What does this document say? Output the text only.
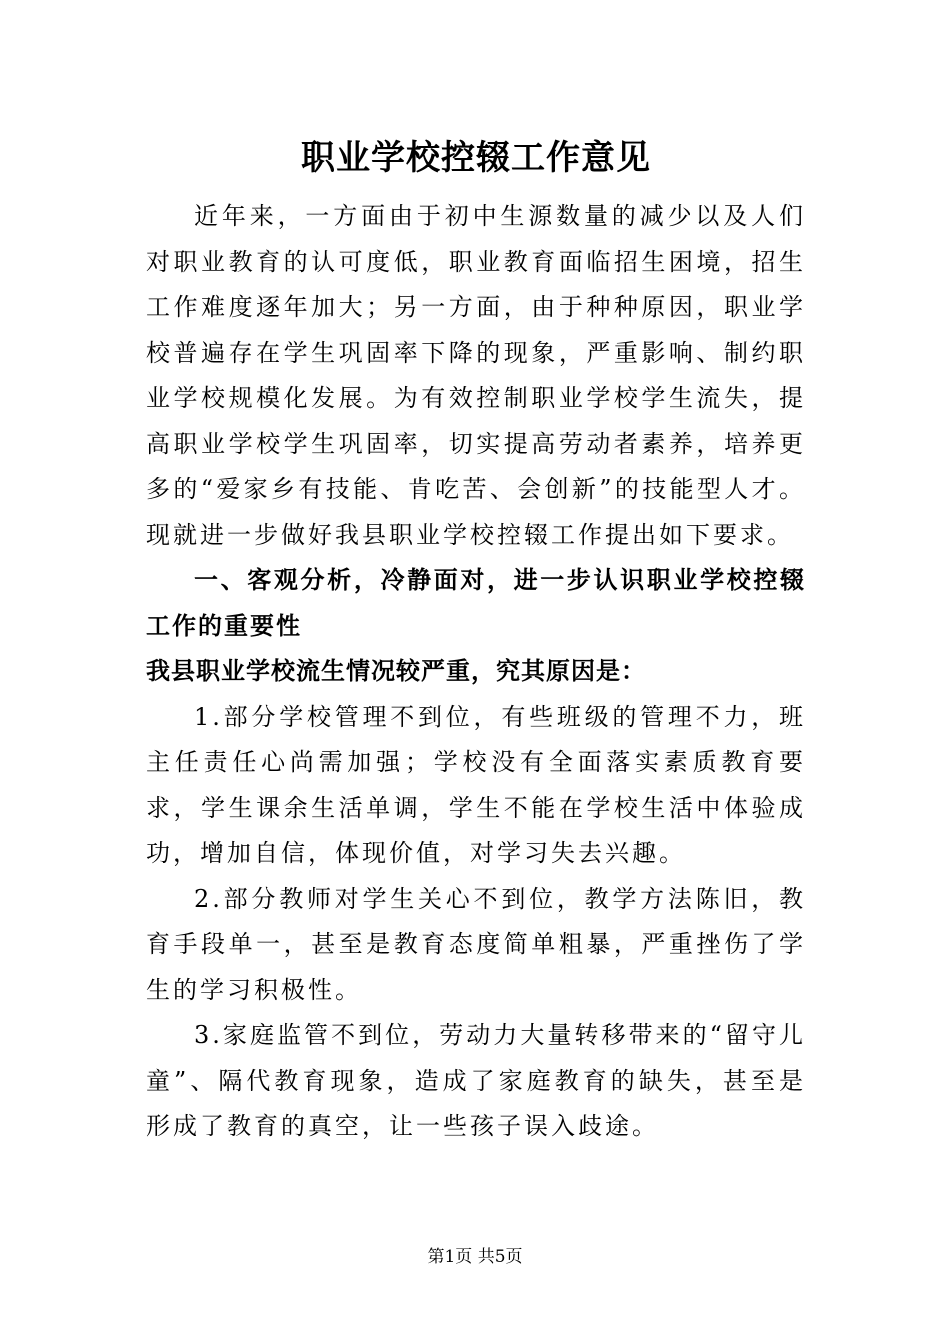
职业学校控辍工作意见

近年来，一方面由于初中生源数量的减少以及人们对职业教育的认可度低，职业教育面临招生困境，招生工作难度逐年加大；另一方面，由于种种原因，职业学校普遍存在学生巩固率下降的现象，严重影响、制约职业学校规模化发展。为有效控制职业学校学生流失，提高职业学校学生巩固率，切实提高劳动者素养，培养更多的“爱家乡有技能、肯吃苦、会创新”的技能型人才。现就进一步做好我县职业学校控辍工作提出如下要求。

一、客观分析，冷静面对，进一步认识职业学校控辍工作的重要性

我县职业学校流生情况较严重，究其原因是：

1.部分学校管理不到位，有些班级的管理不力，班主任责任心尚需加强；学校没有全面落实素质教育要求，学生课余生活单调，学生不能在学校生活中体验成功，增加自信，体现价值，对学习失去兴趣。

2.部分教师对学生关心不到位，教学方法陈旧，教育手段单一，甚至是教育态度简单粗暴，严重挫伤了学生的学习积极性。

3.家庭监管不到位，劳动力大量转移带来的“留守儿童”、隔代教育现象，造成了家庭教育的缺失，甚至是形成了教育的真空，让一些孩子误入歧途。

第1页 共5页
